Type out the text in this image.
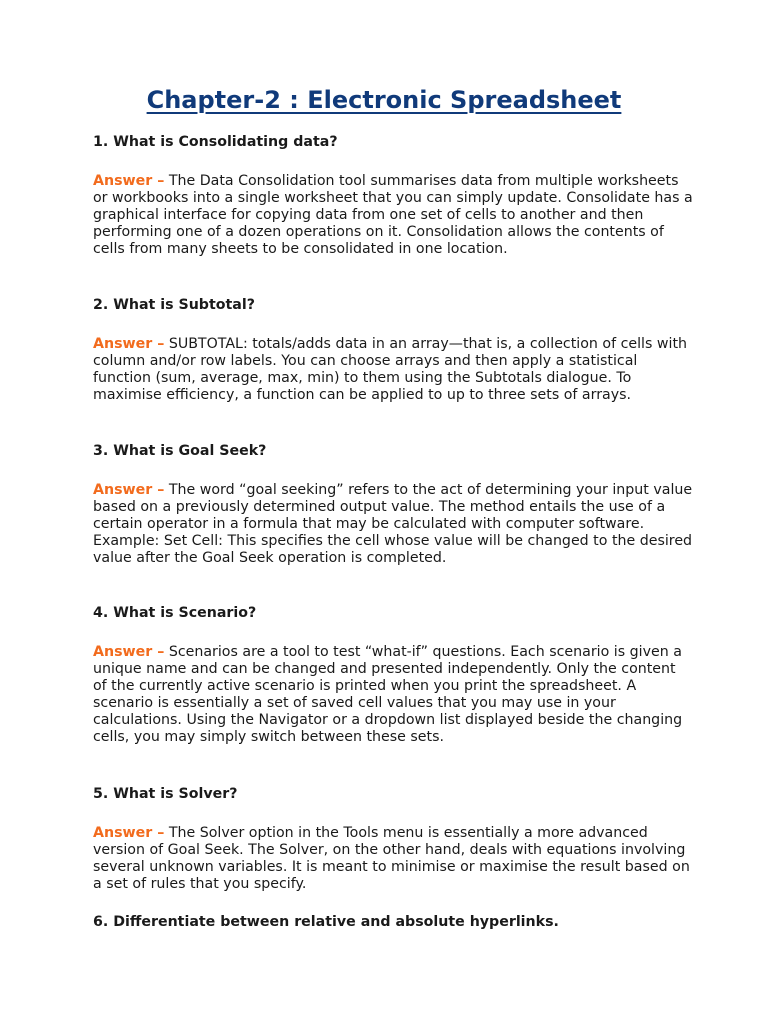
Chapter-2 : Electronic Spreadsheet

1. What is Consolidating data?

Answer – The Data Consolidation tool summarises data from multiple worksheets or workbooks into a single worksheet that you can simply update. Consolidate has a graphical interface for copying data from one set of cells to another and then performing one of a dozen operations on it. Consolidation allows the contents of cells from many sheets to be consolidated in one location.

2. What is Subtotal?

Answer – SUBTOTAL: totals/adds data in an array—that is, a collection of cells with column and/or row labels. You can choose arrays and then apply a statistical function (sum, average, max, min) to them using the Subtotals dialogue. To maximise efficiency, a function can be applied to up to three sets of arrays.

3. What is Goal Seek?

Answer – The word “goal seeking” refers to the act of determining your input value based on a previously determined output value. The method entails the use of a certain operator in a formula that may be calculated with computer software.

Example: Set Cell: This specifies the cell whose value will be changed to the desired value after the Goal Seek operation is completed.

4. What is Scenario?

Answer – Scenarios are a tool to test “what-if” questions. Each scenario is given a unique name and can be changed and presented independently. Only the content of the currently active scenario is printed when you print the spreadsheet. A scenario is essentially a set of saved cell values that you may use in your calculations. Using the Navigator or a dropdown list displayed beside the changing cells, you may simply switch between these sets.

5. What is Solver?

Answer – The Solver option in the Tools menu is essentially a more advanced version of Goal Seek. The Solver, on the other hand, deals with equations involving several unknown variables. It is meant to minimise or maximise the result based on a set of rules that you specify.

6. Differentiate between relative and absolute hyperlinks.
